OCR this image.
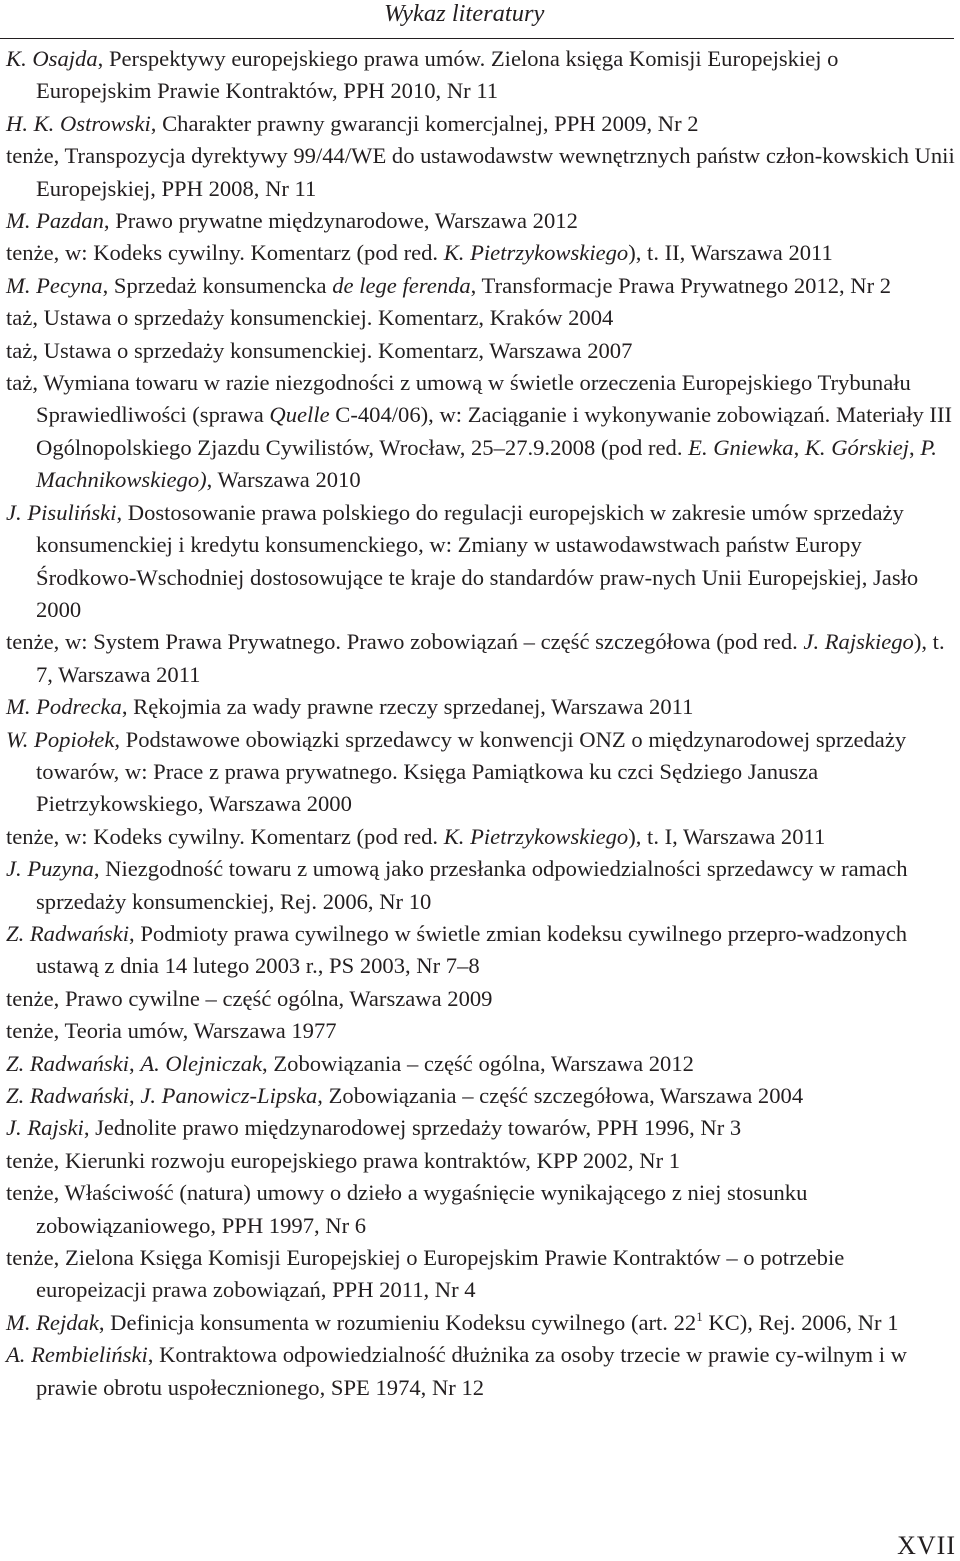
Wykaz literatury
K. Osajda, Perspektywy europejskiego prawa umów. Zielona księga Komisji Europejskiej o Europejskim Prawie Kontraktów, PPH 2010, Nr 11
H. K. Ostrowski, Charakter prawny gwarancji komercjalnej, PPH 2009, Nr 2
tenże, Transpozycja dyrektywy 99/44/WE do ustawodawstw wewnętrznych państw człon-kowskich Unii Europejskiej, PPH 2008, Nr 11
M. Pazdan, Prawo prywatne międzynarodowe, Warszawa 2012
tenże, w: Kodeks cywilny. Komentarz (pod red. K. Pietrzykowskiego), t. II, Warszawa 2011
M. Pecyna, Sprzedaż konsumencka de lege ferenda, Transformacje Prawa Prywatnego 2012, Nr 2
taż, Ustawa o sprzedaży konsumenckiej. Komentarz, Kraków 2004
taż, Ustawa o sprzedaży konsumenckiej. Komentarz, Warszawa 2007
taż, Wymiana towaru w razie niezgodności z umową w świetle orzeczenia Europejskiego Trybunału Sprawiedliwości (sprawa Quelle C-404/06), w: Zaciąganie i wykonywanie zobowiązań. Materiały III Ogólnopolskiego Zjazdu Cywilistów, Wrocław, 25–27.9.2008 (pod red. E. Gniewka, K. Górskiej, P. Machnikowskiego), Warszawa 2010
J. Pisuliński, Dostosowanie prawa polskiego do regulacji europejskich w zakresie umów sprzedaży konsumenckiej i kredytu konsumenckiego, w: Zmiany w ustawodawstwach państw Europy Środkowo-Wschodniej dostosowujące te kraje do standardów praw-nych Unii Europejskiej, Jasło 2000
tenże, w: System Prawa Prywatnego. Prawo zobowiązań – część szczegółowa (pod red. J. Rajskiego), t. 7, Warszawa 2011
M. Podrecka, Rękojmia za wady prawne rzeczy sprzedanej, Warszawa 2011
W. Popiołek, Podstawowe obowiązki sprzedawcy w konwencji ONZ o międzynarodowej sprzedaży towarów, w: Prace z prawa prywatnego. Księga Pamiątkowa ku czci Sędziego Janusza Pietrzykowskiego, Warszawa 2000
tenże, w: Kodeks cywilny. Komentarz (pod red. K. Pietrzykowskiego), t. I, Warszawa 2011
J. Puzyna, Niezgodność towaru z umową jako przesłanka odpowiedzialności sprzedawcy w ramach sprzedaży konsumenckiej, Rej. 2006, Nr 10
Z. Radwański, Podmioty prawa cywilnego w świetle zmian kodeksu cywilnego przepro-wadzonych ustawą z dnia 14 lutego 2003 r., PS 2003, Nr 7–8
tenże, Prawo cywilne – część ogólna, Warszawa 2009
tenże, Teoria umów, Warszawa 1977
Z. Radwański, A. Olejniczak, Zobowiązania – część ogólna, Warszawa 2012
Z. Radwański, J. Panowicz-Lipska, Zobowiązania – część szczegółowa, Warszawa 2004
J. Rajski, Jednolite prawo międzynarodowej sprzedaży towarów, PPH 1996, Nr 3
tenże, Kierunki rozwoju europejskiego prawa kontraktów, KPP 2002, Nr 1
tenże, Właściwość (natura) umowy o dzieło a wygaśnięcie wynikającego z niej stosunku zobowiązaniowego, PPH 1997, Nr 6
tenże, Zielona Księga Komisji Europejskiej o Europejskim Prawie Kontraktów – o potrzebie europeizacji prawa zobowiązań, PPH 2011, Nr 4
M. Rejdak, Definicja konsumenta w rozumieniu Kodeksu cywilnego (art. $22^1$ KC), Rej. 2006, Nr 1
A. Rembieliński, Kontraktowa odpowiedzialność dłużnika za osoby trzecie w prawie cy-wilnym i w prawie obrotu uspołecznionego, SPE 1974, Nr 12
XVII
